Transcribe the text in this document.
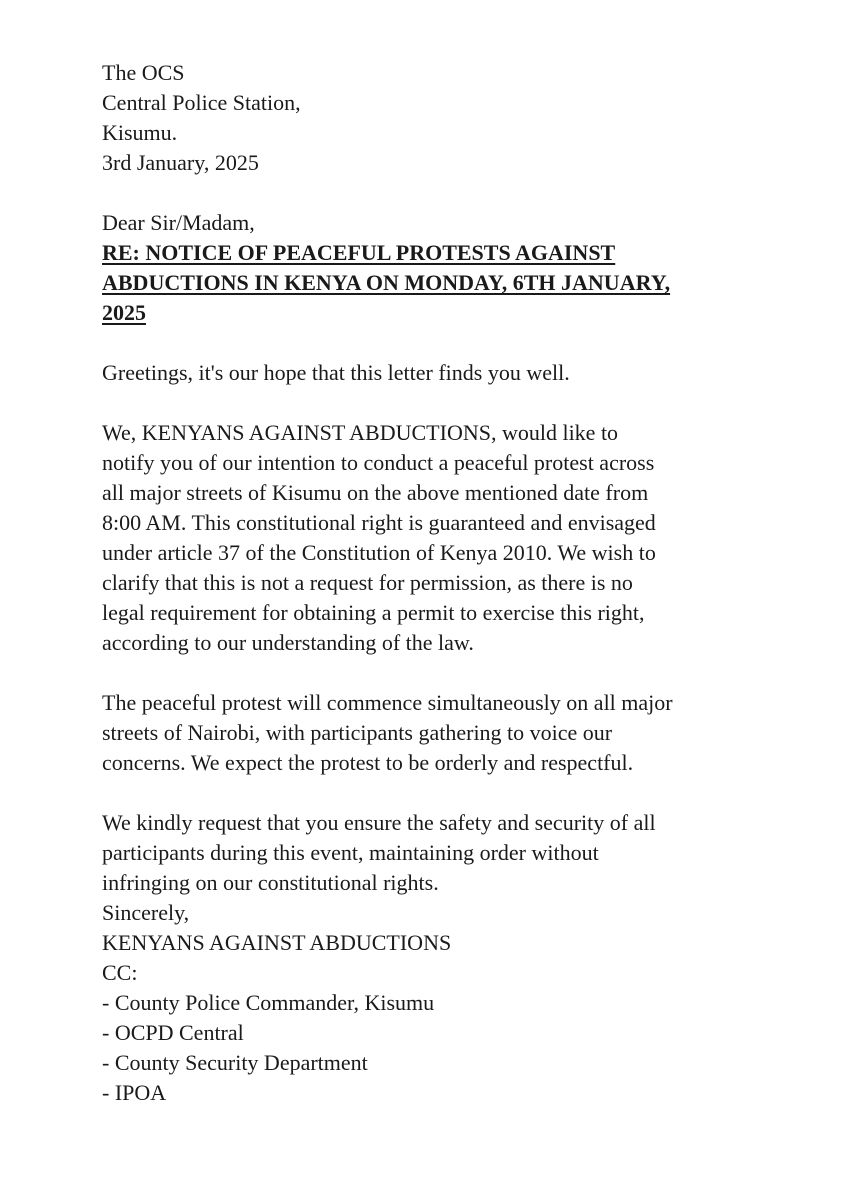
The OCS
Central Police Station,
Kisumu.
3rd January, 2025
Dear Sir/Madam,
RE: NOTICE OF PEACEFUL PROTESTS AGAINST
ABDUCTIONS IN KENYA ON MONDAY, 6TH JANUARY,
2025
Greetings, it's our hope that this letter finds you well.
We, KENYANS AGAINST ABDUCTIONS, would like to
notify you of our intention to conduct a peaceful protest across
all major streets of Kisumu on the above mentioned date from
8:00 AM. This constitutional right is guaranteed and envisaged
under article 37 of the Constitution of Kenya 2010. We wish to
clarify that this is not a request for permission, as there is no
legal requirement for obtaining a permit to exercise this right,
according to our understanding of the law.
The peaceful protest will commence simultaneously on all major
streets of Nairobi, with participants gathering to voice our
concerns. We expect the protest to be orderly and respectful.
We kindly request that you ensure the safety and security of all
participants during this event, maintaining order without
infringing on our constitutional rights.
Sincerely,
KENYANS AGAINST ABDUCTIONS
CC:
- County Police Commander, Kisumu
- OCPD Central
- County Security Department
- IPOA
